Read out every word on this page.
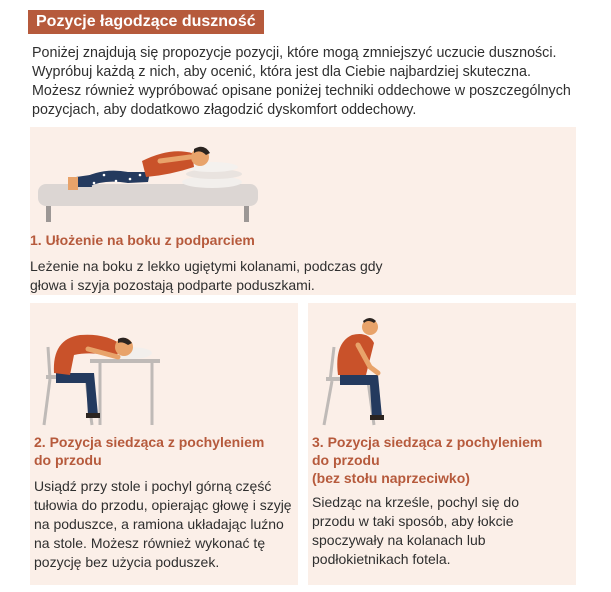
Pozycje łagodzące duszność
Poniżej znajdują się propozycje pozycji, które mogą zmniejszyć uczucie duszności. Wypróbuj każdą z nich, aby ocenić, która jest dla Ciebie najbardziej skuteczna. Możesz również wypróbować opisane poniżej techniki oddechowe w poszczególnych pozycjach, aby dodatkowo złagodzić dyskomfort oddechowy.
1. Ułożenie na boku z podparciem

Leżenie na boku z lekko ugiętymi kolanami, podczas gdy głowa i szyja pozostają podparte poduszkami.

2. Pozycja siedząca z pochyleniem
do przodu

Usiądź przy stole i pochyl górną część tułowia do przodu, opierając głowę i szyję na poduszce, a ramiona układając luźno na stole. Możesz również wykonać tę pozycję bez użycia poduszek.

3. Pozycja siedząca z pochyleniem
do przodu
(bez stołu naprzeciwko)

Siedząc na krześle, pochyl się do przodu w taki sposób, aby łokcie spoczywały na kolanach lub podłokietnikach fotela.
